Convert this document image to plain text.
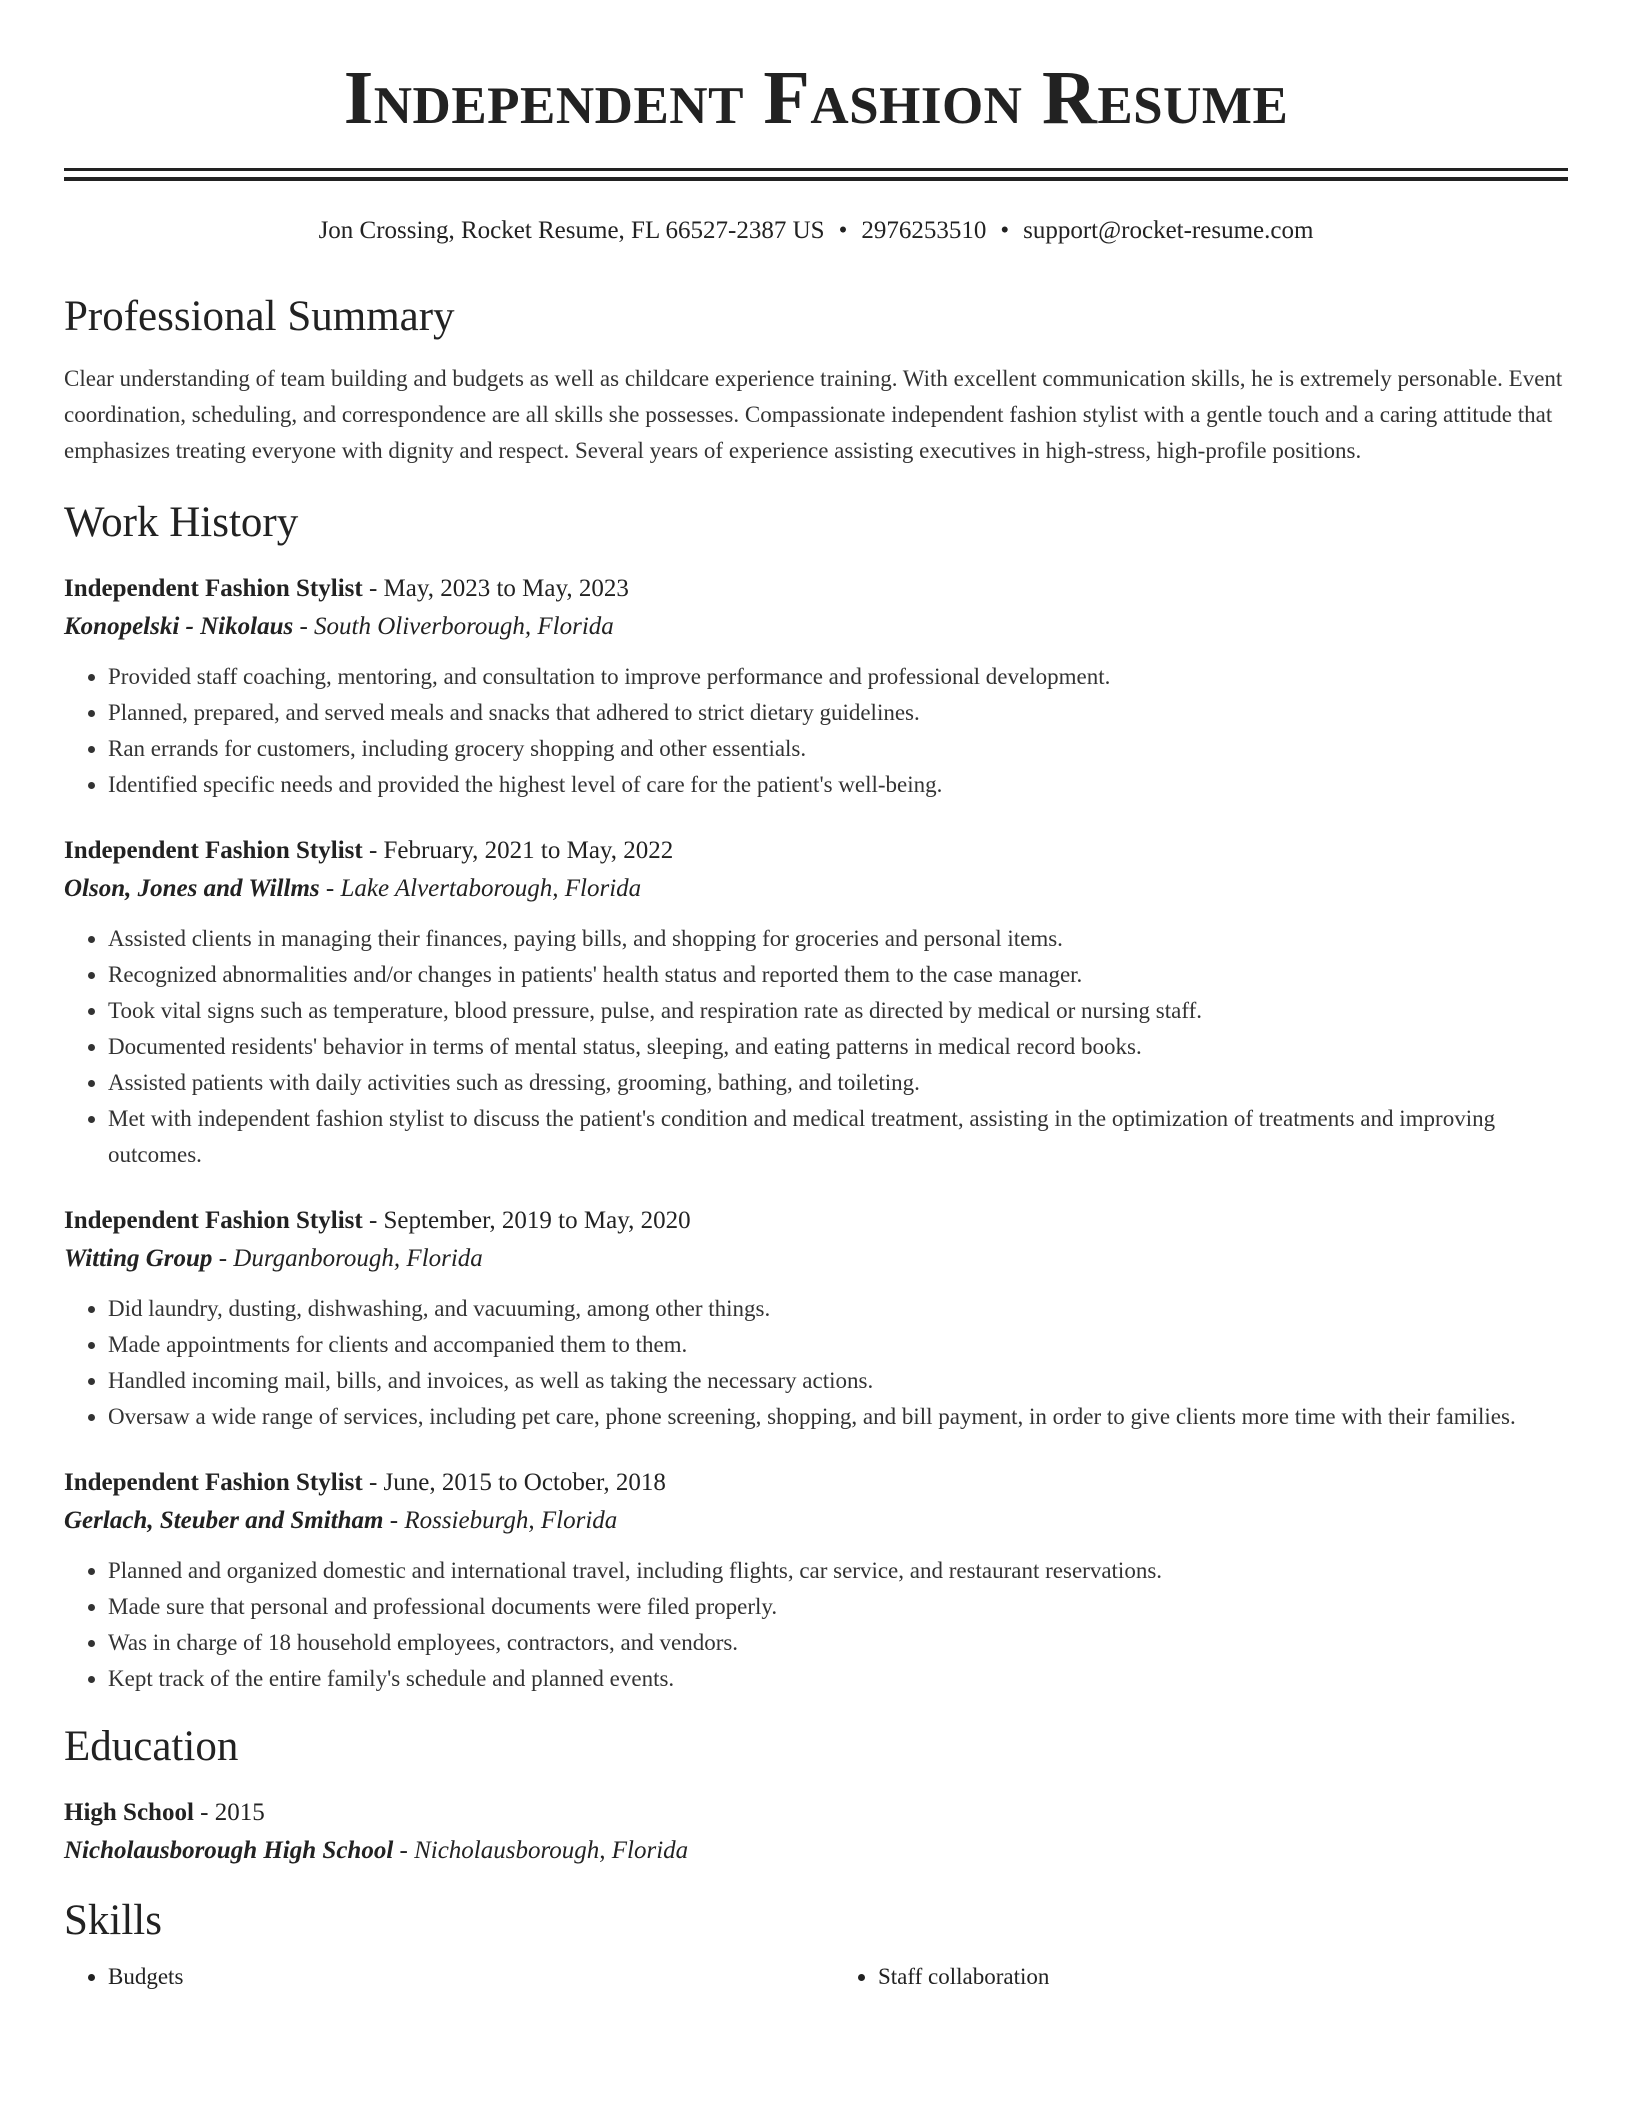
Independent Fashion Resume
Jon Crossing, Rocket Resume, FL 66527-2387 US • 2976253510 • support@rocket-resume.com
Professional Summary

Clear understanding of team building and budgets as well as childcare experience training. With excellent communication skills, he is extremely personable. Event coordination, scheduling, and correspondence are all skills she possesses. Compassionate independent fashion stylist with a gentle touch and a caring attitude that emphasizes treating everyone with dignity and respect. Several years of experience assisting executives in high-stress, high-profile positions.

Work History
Independent Fashion Stylist - May, 2023 to May, 2023
Konopelski - Nikolaus - South Oliverborough, Florida
• Provided staff coaching, mentoring, and consultation to improve performance and professional development.
• Planned, prepared, and served meals and snacks that adhered to strict dietary guidelines.
• Ran errands for customers, including grocery shopping and other essentials.
• Identified specific needs and provided the highest level of care for the patient's well-being.
Independent Fashion Stylist - February, 2021 to May, 2022
Olson, Jones and Willms - Lake Alvertaborough, Florida
• Assisted clients in managing their finances, paying bills, and shopping for groceries and personal items.
• Recognized abnormalities and/or changes in patients' health status and reported them to the case manager.
• Took vital signs such as temperature, blood pressure, pulse, and respiration rate as directed by medical or nursing staff.
• Documented residents' behavior in terms of mental status, sleeping, and eating patterns in medical record books.
• Assisted patients with daily activities such as dressing, grooming, bathing, and toileting.
• Met with independent fashion stylist to discuss the patient's condition and medical treatment, assisting in the optimization of treatments and improving outcomes.
Independent Fashion Stylist - September, 2019 to May, 2020
Witting Group - Durganborough, Florida
• Did laundry, dusting, dishwashing, and vacuuming, among other things.
• Made appointments for clients and accompanied them to them.
• Handled incoming mail, bills, and invoices, as well as taking the necessary actions.
• Oversaw a wide range of services, including pet care, phone screening, shopping, and bill payment, in order to give clients more time with their families.
Independent Fashion Stylist - June, 2015 to October, 2018
Gerlach, Steuber and Smitham - Rossieburgh, Florida
• Planned and organized domestic and international travel, including flights, car service, and restaurant reservations.
• Made sure that personal and professional documents were filed properly.
• Was in charge of 18 household employees, contractors, and vendors.
• Kept track of the entire family's schedule and planned events.
Education
High School - 2015
Nicholausborough High School - Nicholausborough, Florida
Skills
• Budgets
•	Staff collaboration
